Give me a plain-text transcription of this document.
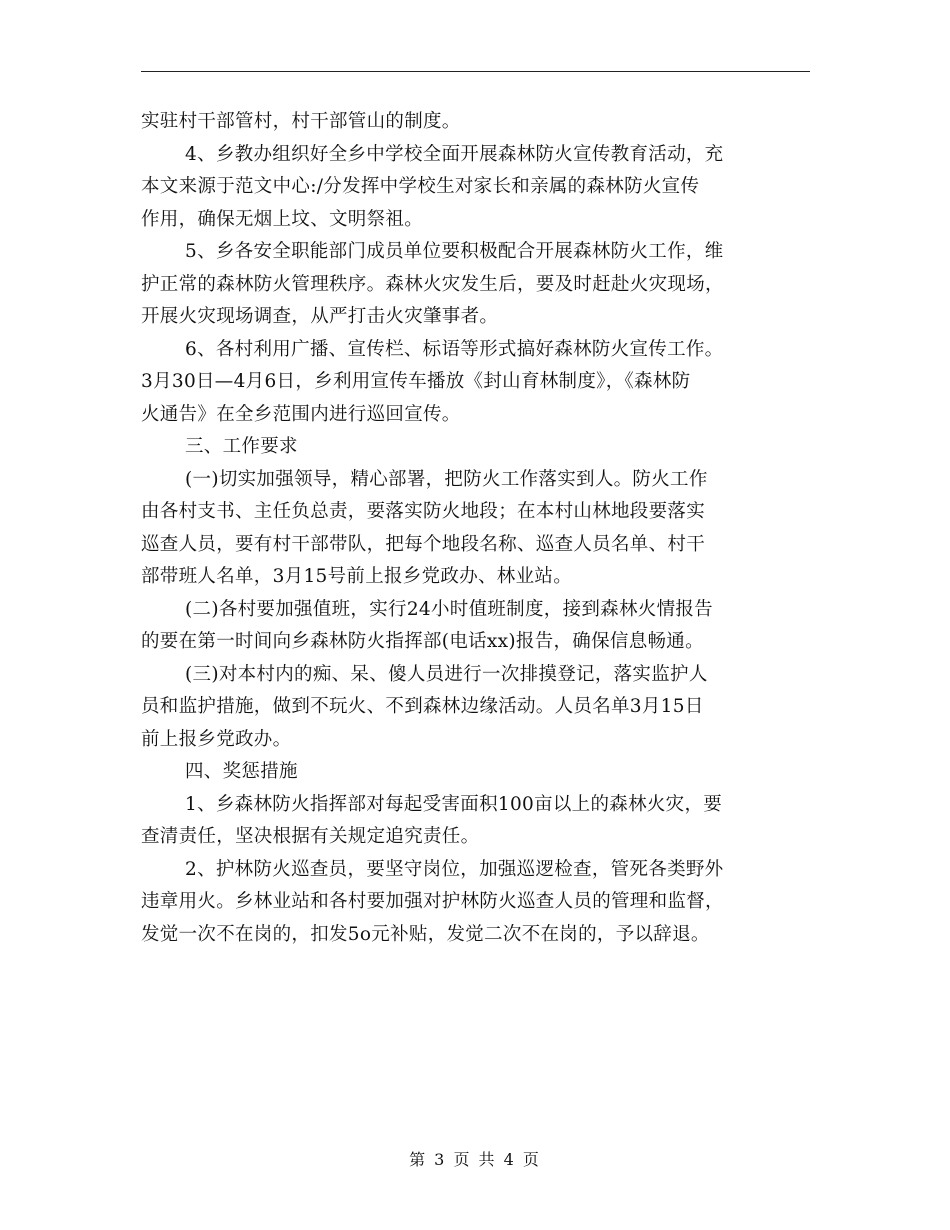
实驻村干部管村，村干部管山的制度。
4、乡教办组织好全乡中学校全面开展森林防火宣传教育活动，充
本文来源于范文中心:/分发挥中学校生对家长和亲属的森林防火宣传
作用，确保无烟上坟、文明祭祖。
5、乡各安全职能部门成员单位要积极配合开展森林防火工作，维
护正常的森林防火管理秩序。森林火灾发生后，要及时赶赴火灾现场，
开展火灾现场调查，从严打击火灾肇事者。
6、各村利用广播、宣传栏、标语等形式搞好森林防火宣传工作。
3月30日—4月6日，乡利用宣传车播放《封山育林制度》，《森林防
火通告》在全乡范围内进行巡回宣传。
三、工作要求
(一)切实加强领导，精心部署，把防火工作落实到人。防火工作
由各村支书、主任负总责，要落实防火地段；在本村山林地段要落实
巡查人员，要有村干部带队，把每个地段名称、巡查人员名单、村干
部带班人名单，3月15号前上报乡党政办、林业站。
(二)各村要加强值班，实行24小时值班制度，接到森林火情报告
的要在第一时间向乡森林防火指挥部(电话xx)报告，确保信息畅通。
(三)对本村内的痴、呆、傻人员进行一次排摸登记，落实监护人
员和监护措施，做到不玩火、不到森林边缘活动。人员名单3月15日
前上报乡党政办。
四、奖惩措施
1、乡森林防火指挥部对每起受害面积100亩以上的森林火灾，要
查清责任，坚决根据有关规定追究责任。
2、护林防火巡查员，要坚守岗位，加强巡逻检查，管死各类野外
违章用火。乡林业站和各村要加强对护林防火巡查人员的管理和监督，
发觉一次不在岗的，扣发5o元补贴，发觉二次不在岗的，予以辞退。
第 3 页 共 4 页
